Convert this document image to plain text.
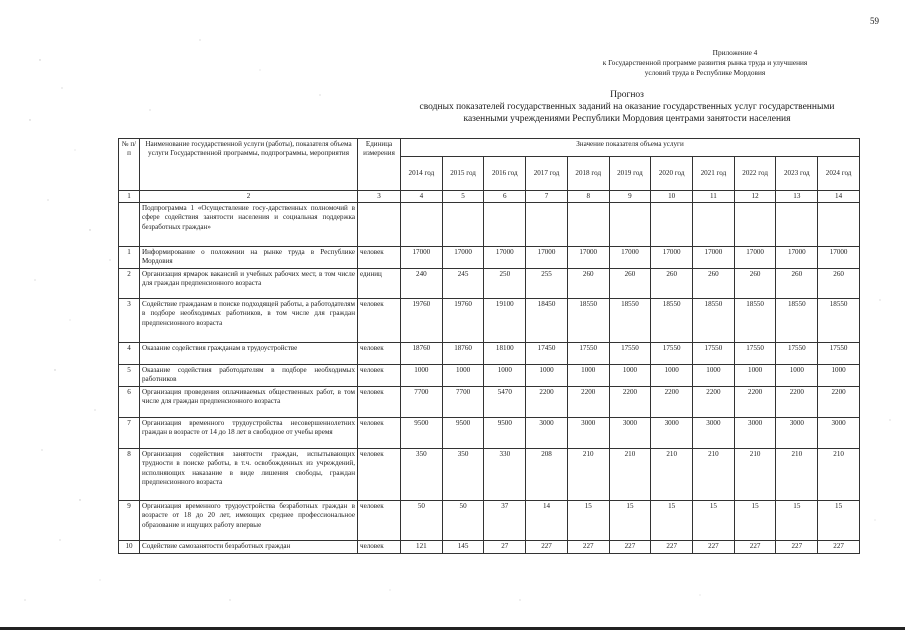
59
Приложение 4
к Государственной программе развития рынка труда и улучшения
условий труда в Республике Мордовия
Прогноз
сводных показателей государственных заданий на оказание государственных услуг государственными
казенными учреждениями Республики Мордовия центрами занятости населения
№ п/п	Наименование государственной услуги (работы), показателя объема услуги Государственной программы, подпрограммы, мероприятия	Единица измерения	Значение показателя объема услуги										
			2014 год	2015 год	2016 год	2017 год	2018 год	2019 год	2020 год	2021 год	2022 год	2023 год	2024 год
1	2	3	4	5	6	7	8	9	10	11	12	13	14
	Подпрограмма 1 «Осуществление госу-дарственных полномочий в сфере содействия занятости населения и социальная поддержка безработных граждан»												
1	Информирование о положении на рынке труда в Республике Мордовия	человек	17000	17000	17000	17000	17000	17000	17000	17000	17000	17000	17000
2	Организация ярмарок вакансий и учебных рабочих мест, в том числе для граждан предпенсионного возраста	единиц	240	245	250	255	260	260	260	260	260	260	260
3	Содействие гражданам в поиске подходящей работы, а работодателям в подборе необходимых работников, в том числе для граждан предпенсионного возраста	человек	19760	19760	19100	18450	18550	18550	18550	18550	18550	18550	18550
4	Оказание содействия гражданам в трудоустройстве	человек	18760	18760	18100	17450	17550	17550	17550	17550	17550	17550	17550
5	Оказание содействия работодателям в подборе необходимых работников	человек	1000	1000	1000	1000	1000	1000	1000	1000	1000	1000	1000
6	Организация проведения оплачиваемых общественных работ, в том числе для граждан предпенсионного возраста	человек	7700	7700	5470	2200	2200	2200	2200	2200	2200	2200	2200
7	Организация временного трудоустройства несовершеннолетних граждан в возрасте от 14 до 18 лет в свободное от учебы время	человек	9500	9500	9500	3000	3000	3000	3000	3000	3000	3000	3000
8	Организация содействия занятости граждан, испытывающих трудности в поиске работы, в т.ч. освобожденных из учреждений, исполняющих наказание в виде лишения свободы, граждан предпенсионного возраста	человек	350	350	330	208	210	210	210	210	210	210	210
9	Организация временного трудоустройства безработных граждан в возрасте от 18 до 20 лет, имеющих среднее профессиональное образование и ищущих работу впервые	человек	50	50	37	14	15	15	15	15	15	15	15
10	Содействие самозанятости безработных граждан	человек	121	145	27	227	227	227	227	227	227	227	227
